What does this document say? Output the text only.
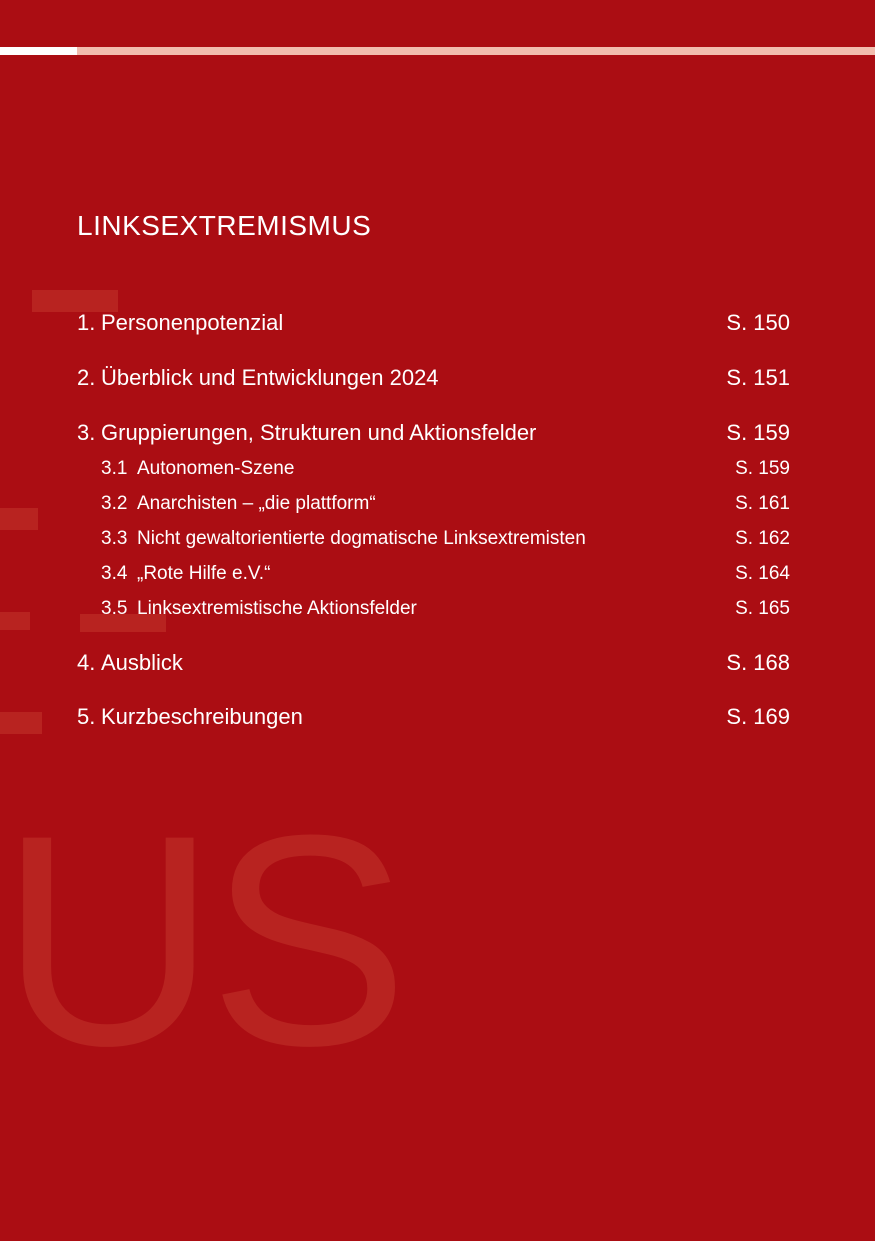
US
LINKSEXTREMISMUS
1. Personenpotenzial	S. 150
2. Überblick und Entwicklungen 2024	S. 151
3. Gruppierungen, Strukturen und Aktionsfelder	S. 159
3.1 Autonomen-Szene	S. 159
3.2 Anarchisten – „die plattform“	S. 161
3.3 Nicht gewaltorientierte dogmatische Linksextremisten	S. 162
3.4 „Rote Hilfe e.V.“	S. 164
3.5 Linksextremistische Aktionsfelder	S. 165
4. Ausblick	S. 168
5. Kurzbeschreibungen	S. 169
